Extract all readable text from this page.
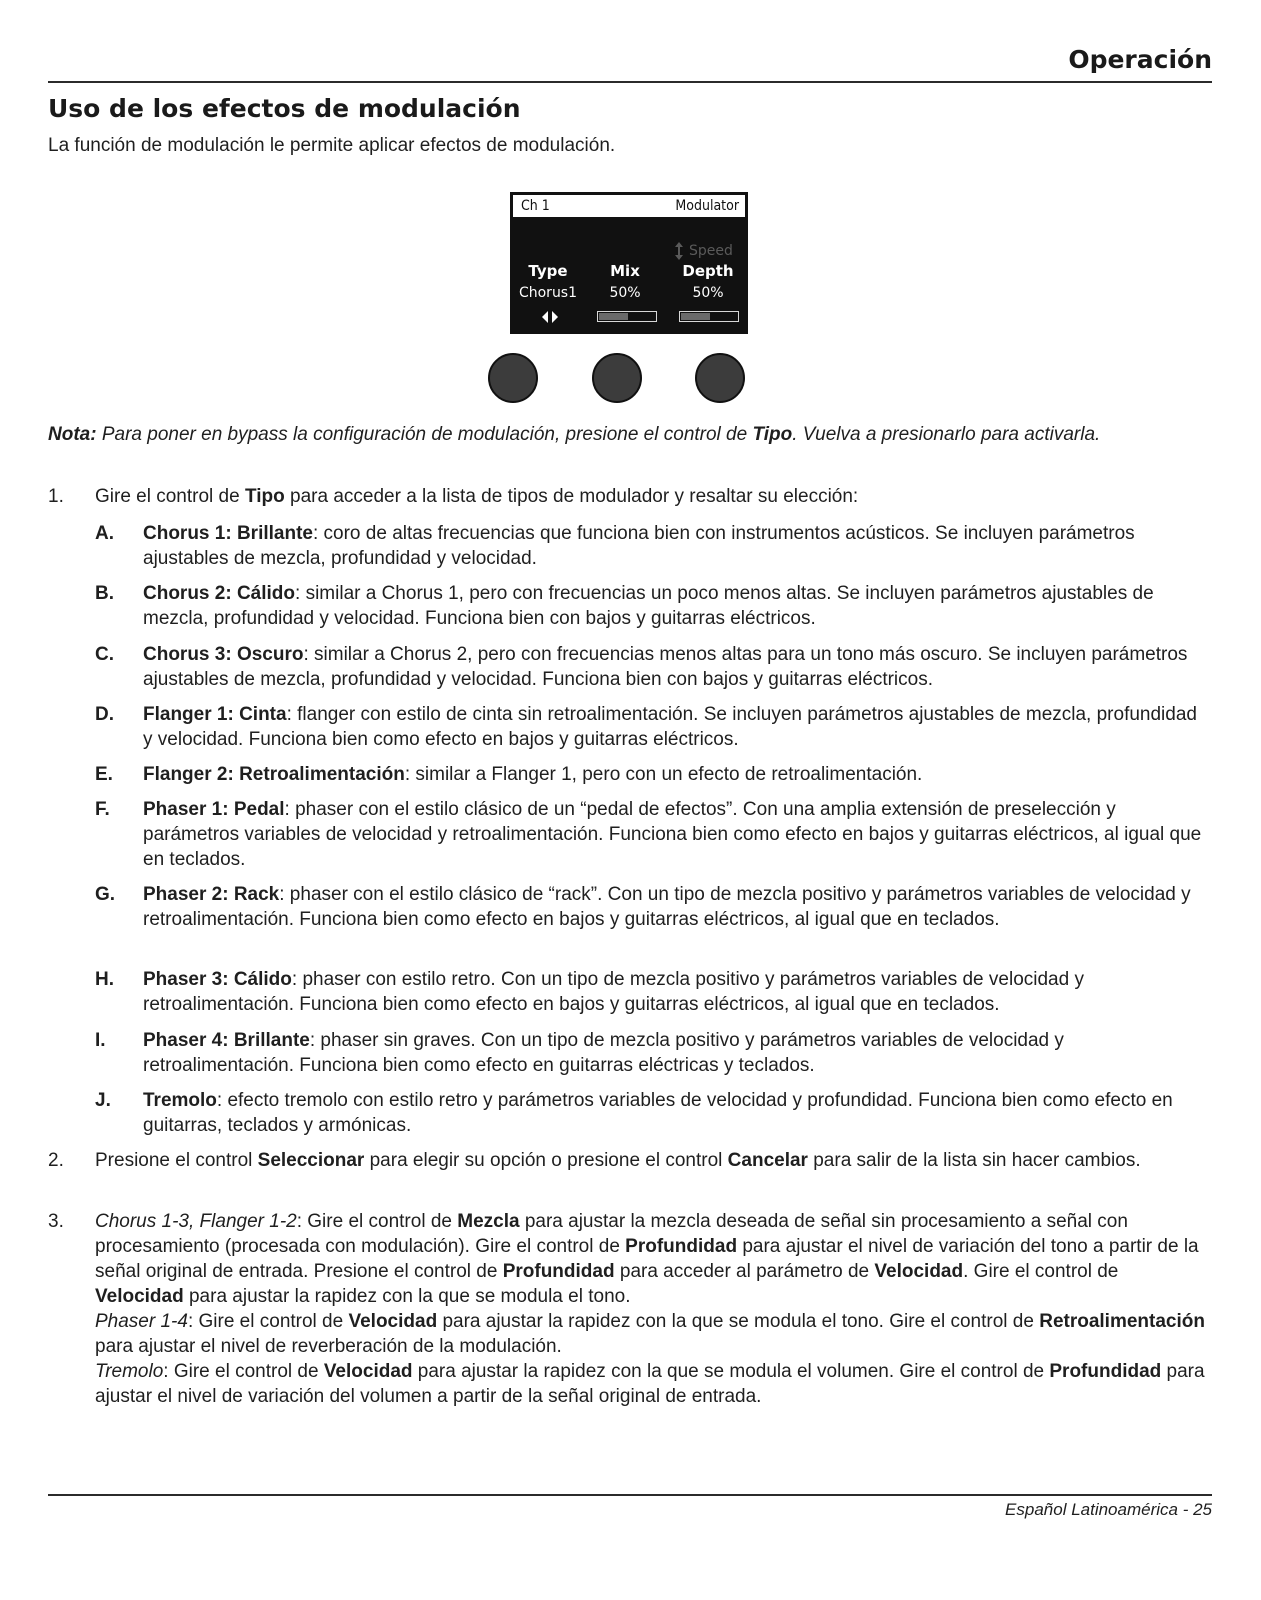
Operación
Uso de los efectos de modulación
La función de modulación le permite aplicar efectos de modulación.
Ch 1	Modulator
Speed
Type
Chorus1
Mix
50%
Depth
50%
Nota: Para poner en bypass la configuración de modulación, presione el control de Tipo. Vuelva a presionarlo para activarla.
1. Gire el control de Tipo para acceder a la lista de tipos de modulador y resaltar su elección:
A. Chorus 1: Brillante: coro de altas frecuencias que funciona bien con instrumentos acústicos. Se incluyen parámetros ajustables de mezcla, profundidad y velocidad.
B. Chorus 2: Cálido: similar a Chorus 1, pero con frecuencias un poco menos altas. Se incluyen parámetros ajustables de mezcla, profundidad y velocidad. Funciona bien con bajos y guitarras eléctricos.
C. Chorus 3: Oscuro: similar a Chorus 2, pero con frecuencias menos altas para un tono más oscuro. Se incluyen parámetros ajustables de mezcla, profundidad y velocidad. Funciona bien con bajos y guitarras eléctricos.
D. Flanger 1: Cinta: flanger con estilo de cinta sin retroalimentación. Se incluyen parámetros ajustables de mezcla, profundidad y velocidad. Funciona bien como efecto en bajos y guitarras eléctricos.
E. Flanger 2: Retroalimentación: similar a Flanger 1, pero con un efecto de retroalimentación.
F. Phaser 1: Pedal: phaser con el estilo clásico de un “pedal de efectos”. Con una amplia extensión de preselección y parámetros variables de velocidad y retroalimentación. Funciona bien como efecto en bajos y guitarras eléctricos, al igual que en teclados.
G. Phaser 2: Rack: phaser con el estilo clásico de “rack”. Con un tipo de mezcla positivo y parámetros variables de velocidad y retroalimentación. Funciona bien como efecto en bajos y guitarras eléctricos, al igual que en teclados.
H. Phaser 3: Cálido: phaser con estilo retro. Con un tipo de mezcla positivo y parámetros variables de velocidad y retroalimentación. Funciona bien como efecto en bajos y guitarras eléctricos, al igual que en teclados.
I. Phaser 4: Brillante: phaser sin graves. Con un tipo de mezcla positivo y parámetros variables de velocidad y retroalimentación. Funciona bien como efecto en guitarras eléctricas y teclados.
J. Tremolo: efecto tremolo con estilo retro y parámetros variables de velocidad y profundidad. Funciona bien como efecto en guitarras, teclados y armónicas.
2. Presione el control Seleccionar para elegir su opción o presione el control Cancelar para salir de la lista sin hacer cambios.
3. Chorus 1-3, Flanger 1-2: Gire el control de Mezcla para ajustar la mezcla deseada de señal sin procesamiento a señal con procesamiento (procesada con modulación). Gire el control de Profundidad para ajustar el nivel de variación del tono a partir de la señal original de entrada. Presione el control de Profundidad para acceder al parámetro de Velocidad. Gire el control de Velocidad para ajustar la rapidez con la que se modula el tono.
Phaser 1-4: Gire el control de Velocidad para ajustar la rapidez con la que se modula el tono. Gire el control de Retroalimentación para ajustar el nivel de reverberación de la modulación.
Tremolo: Gire el control de Velocidad para ajustar la rapidez con la que se modula el volumen. Gire el control de Profundidad para ajustar el nivel de variación del volumen a partir de la señal original de entrada.
Español Latinoamérica - 25
